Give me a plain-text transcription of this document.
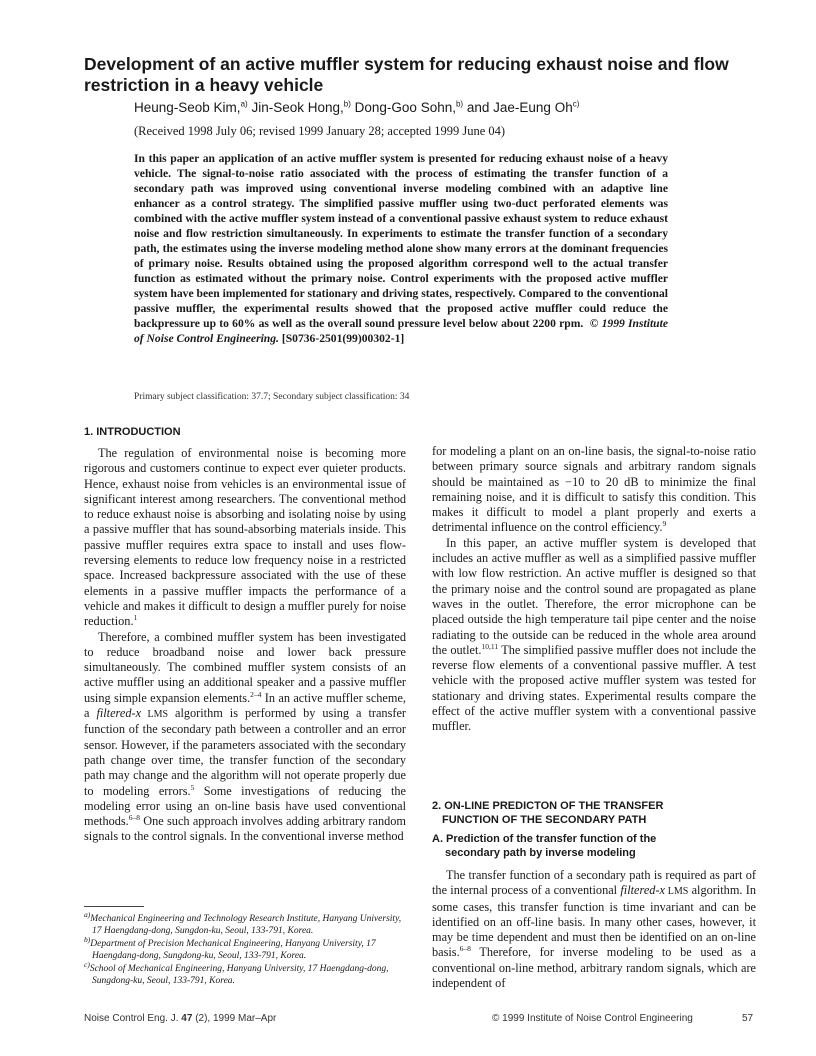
Development of an active muffler system for reducing exhaust noise and flow restriction in a heavy vehicle
Heung-Seob Kim,$^{a)}$ Jin-Seok Hong,$^{b)}$ Dong-Goo Sohn,$^{b)}$ and Jae-Eung Oh$^{c)}$
(Received 1998 July 06; revised 1999 January 28; accepted 1999 June 04)
In this paper an application of an active muffler system is presented for reducing exhaust noise of a heavy vehicle. The signal-to-noise ratio associated with the process of estimating the transfer function of a secondary path was improved using conventional inverse modeling combined with an adaptive line enhancer as a control strategy. The simplified passive muffler using two-duct perforated elements was combined with the active muffler system instead of a conventional passive exhaust system to reduce exhaust noise and flow restriction simultaneously. In experiments to estimate the transfer function of a secondary path, the estimates using the inverse modeling method alone show many errors at the dominant frequencies of primary noise. Results obtained using the proposed algorithm correspond well to the actual transfer function as estimated without the primary noise. Control experiments with the proposed active muffler system have been implemented for stationary and driving states, respectively. Compared to the conventional passive muffler, the experimental results showed that the proposed active muffler could reduce the backpressure up to 60% as well as the overall sound pressure level below about 2200 rpm. © 1999 Institute of Noise Control Engineering. [S0736-2501(99)00302-1]
Primary subject classification: 37.7; Secondary subject classification: 34
1. INTRODUCTION

The regulation of environmental noise is becoming more rigorous and customers continue to expect ever quieter products. Hence, exhaust noise from vehicles is an environmental issue of significant interest among researchers. The conventional method to reduce exhaust noise is absorbing and isolating noise by using a passive muffler that has sound-absorbing materials inside. This passive muffler requires extra space to install and uses flow-reversing elements to reduce low frequency noise in a restricted space. Increased backpressure associated with the use of these elements in a passive muffler impacts the performance of a vehicle and makes it difficult to design a muffler purely for noise reduction.$^1$

Therefore, a combined muffler system has been investigated to reduce broadband noise and lower back pressure simultaneously. The combined muffler system consists of an active muffler using an additional speaker and a passive muffler using simple expansion elements.$^{2-4}$ In an active muffler scheme, a filtered-x LMS algorithm is performed by using a transfer function of the secondary path between a controller and an error sensor. However, if the parameters associated with the secondary path change over time, the transfer function of the secondary path may change and the algorithm will not operate properly due to modeling errors.$^5$ Some investigations of reducing the modeling error using an on-line basis have used conventional methods.$^{6-8}$ One such approach involves adding arbitrary random signals to the control signals. In the conventional inverse method

for modeling a plant on an on-line basis, the signal-to-noise ratio between primary source signals and arbitrary random signals should be maintained as −10 to 20 dB to minimize the final remaining noise, and it is difficult to satisfy this condition. This makes it difficult to model a plant properly and exerts a detrimental influence on the control efficiency.$^9$

In this paper, an active muffler system is developed that includes an active muffler as well as a simplified passive muffler with low flow restriction. An active muffler is designed so that the primary noise and the control sound are propagated as plane waves in the outlet. Therefore, the error microphone can be placed outside the high temperature tail pipe center and the noise radiating to the outside can be reduced in the whole area around the outlet.$^{10,11}$ The simplified passive muffler does not include the reverse flow elements of a conventional passive muffler. A test vehicle with the proposed active muffler system was tested for stationary and driving states. Experimental results compare the effect of the active muffler system with a conventional passive muffler.

2. ON-LINE PREDICTON OF THE TRANSFER
FUNCTION OF THE SECONDARY PATH
A. Prediction of the transfer function of the
secondary path by inverse modeling

The transfer function of a secondary path is required as part of the internal process of a conventional filtered-x LMS algorithm. In some cases, this transfer function is time invariant and can be identified on an off-line basis. In many other cases, however, it may be time dependent and must then be identified on an on-line basis.$^{6-8}$ Therefore, for inverse modeling to be used as a conventional on-line method, arbitrary random signals, which are independent of

$^{a)}$Mechanical Engineering and Technology Research Institute, Hanyang University, 17 Haengdang-dong, Sungdon-ku, Seoul, 133-791, Korea.
$^{b)}$Department of Precision Mechanical Engineering, Hanyang University, 17 Haengdang-dong, Sungdong-ku, Seoul, 133-791, Korea.
$^{c)}$School of Mechanical Engineering, Hanyang University, 17 Haengdang-dong, Sungdong-ku, Seoul, 133-791, Korea.
Noise Control Eng. J. 47 (2), 1999 Mar–Apr	© 1999 Institute of Noise Control Engineering	57
